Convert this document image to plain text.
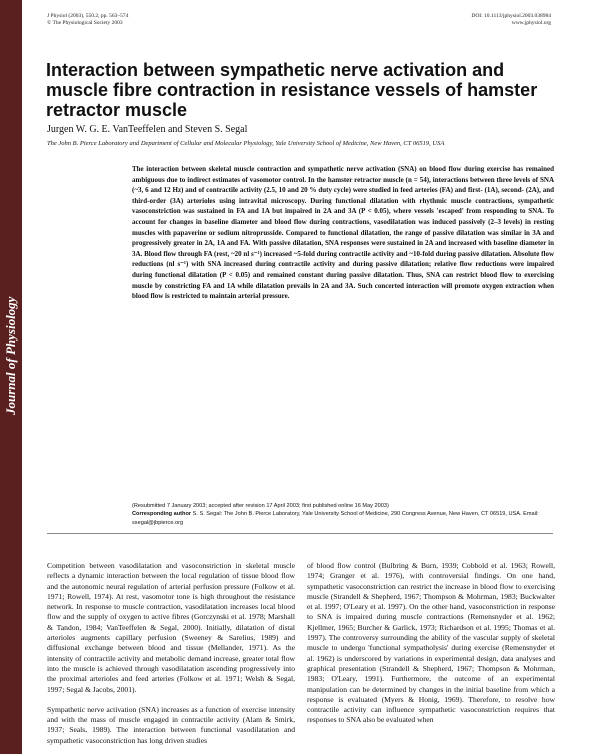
Journal of Physiology
J Physiol (2003), 550.2, pp. 563–574
© The Physiological Society 2003
DOI: 10.1113/jphysiol.2003.038984
www.jphysiol.org
Interaction between sympathetic nerve activation and muscle fibre contraction in resistance vessels of hamster retractor muscle
Jurgen W. G. E. VanTeeffelen and Steven S. Segal
The John B. Pierce Laboratory and Department of Cellular and Molecular Physiology, Yale University School of Medicine, New Haven, CT 06519, USA

The interaction between skeletal muscle contraction and sympathetic nerve activation (SNA) on blood flow during exercise has remained ambiguous due to indirect estimates of vasomotor control. In the hamster retractor muscle (n = 54), interactions between three levels of SNA (~3, 6 and 12 Hz) and of contractile activity (2.5, 10 and 20 % duty cycle) were studied in feed arteries (FA) and first- (1A), second- (2A), and third-order (3A) arterioles using intravital microscopy. During functional dilatation with rhythmic muscle contractions, sympathetic vasoconstriction was sustained in FA and 1A but impaired in 2A and 3A (P < 0.05), where vessels 'escaped' from responding to SNA. To account for changes in baseline diameter and blood flow during contractions, vasodilatation was induced passively (2–3 levels) in resting muscles with papaverine or sodium nitroprusside. Compared to functional dilatation, the range of passive dilatation was similar in 3A and progressively greater in 2A, 1A and FA. With passive dilatation, SNA responses were sustained in 2A and increased with baseline diameter in 3A. Blood flow through FA (rest, ~20 nl s⁻¹) increased ~5-fold during contractile activity and ~10-fold during passive dilatation. Absolute flow reductions (nl s⁻¹) with SNA increased during contractile activity and during passive dilatation; relative flow reductions were impaired during functional dilatation (P < 0.05) and remained constant during passive dilatation. Thus, SNA can restrict blood flow to exercising muscle by constricting FA and 1A while dilatation prevails in 2A and 3A. Such concerted interaction will promote oxygen extraction when blood flow is restricted to maintain arterial pressure.

(Resubmitted 7 January 2003; accepted after revision 17 April 2003; first published online 16 May 2003)
Corresponding author S. S. Segal: The John B. Pierce Laboratory, Yale University School of Medicine, 290 Congress Avenue, New Haven, CT 06519, USA. Email: ssegal@jbpierce.org

Competition between vasodilatation and vasoconstriction in skeletal muscle reflects a dynamic interaction between the local regulation of tissue blood flow and the autonomic neural regulation of arterial perfusion pressure (Folkow et al. 1971; Rowell, 1974). At rest, vasomotor tone is high throughout the resistance network. In response to muscle contraction, vasodilatation increases local blood flow and the supply of oxygen to active fibres (Gorczynski et al. 1978; Marshall & Tandon, 1984; VanTeeffelen & Segal, 2000). Initially, dilatation of distal arterioles augments capillary perfusion (Sweeney & Sarelius, 1989) and diffusional exchange between blood and tissue (Mellander, 1971). As the intensity of contractile activity and metabolic demand increase, greater total flow into the muscle is achieved through vasodilatation ascending progressively into the proximal arterioles and feed arteries (Folkow et al. 1971; Welsh & Segal, 1997; Segal & Jacobs, 2001).

Sympathetic nerve activation (SNA) increases as a function of exercise intensity and with the mass of muscle engaged in contractile activity (Alam & Smirk, 1937; Seals, 1989). The interaction between functional vasodilatation and sympathetic vasoconstriction has long driven studies

of blood flow control (Bulbring & Burn, 1939; Cobbold et al. 1963; Rowell, 1974; Granger et al. 1976), with controversial findings. On one hand, sympathetic vasoconstriction can restrict the increase in blood flow to exercising muscle (Strandell & Shepherd, 1967; Thompson & Mohrman, 1983; Buckwalter et al. 1997; O'Leary et al. 1997). On the other hand, vasoconstriction in response to SNA is impaired during muscle contractions (Remensnyder et al. 1962; Kjellmer, 1965; Burcher & Garlick, 1973; Richardson et al. 1995; Thomas et al. 1997). The controversy surrounding the ability of the vascular supply of skeletal muscle to undergo 'functional sympatholysis' during exercise (Remensnyder et al. 1962) is underscored by variations in experimental design, data analyses and graphical presentation (Strandell & Shepherd, 1967; Thompson & Mohrman, 1983; O'Leary, 1991). Furthermore, the outcome of an experimental manipulation can be determined by changes in the initial baseline from which a response is evaluated (Myers & Honig, 1969). Therefore, to resolve how contractile activity can influence sympathetic vasoconstriction requires that responses to SNA also be evaluated when
